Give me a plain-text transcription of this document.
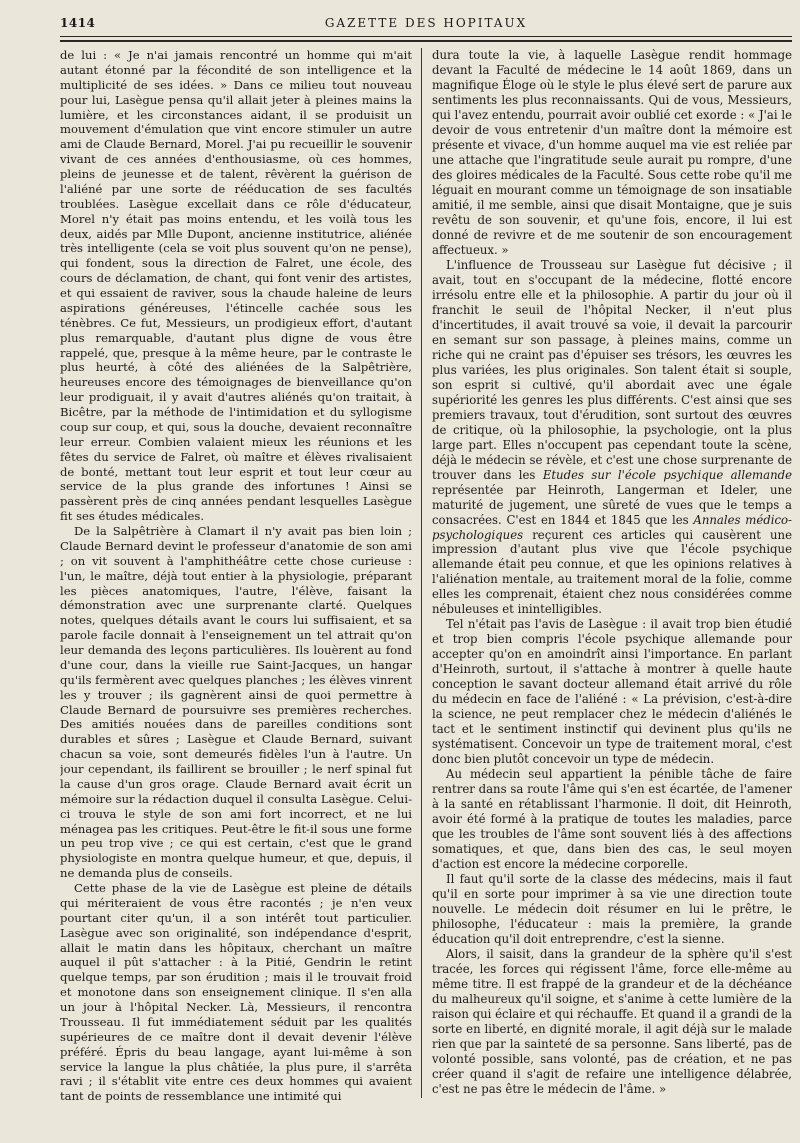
1414	GAZETTE DES HOPITAUX

de lui : « Je n'ai jamais rencontré un homme qui m'ait autant étonné par la fécondité de son intelligence et la multiplicité de ses idées. » Dans ce milieu tout nouveau pour lui, Lasègue pensa qu'il allait jeter à pleines mains la lumière, et les circonstances aidant, il se produisit un mouvement d'émulation que vint encore stimuler un autre ami de Claude Bernard, Morel. J'ai pu recueillir le souvenir vivant de ces années d'enthousiasme, où ces hommes, pleins de jeunesse et de talent, rêvèrent la guérison de l'aliéné par une sorte de rééducation de ses facultés troublées. Lasègue excellait dans ce rôle d'éducateur, Morel n'y était pas moins entendu, et les voilà tous les deux, aidés par Mlle Dupont, ancienne institutrice, aliénée très intelligente (cela se voit plus souvent qu'on ne pense), qui fondent, sous la direction de Falret, une école, des cours de déclamation, de chant, qui font venir des artistes, et qui essaient de raviver, sous la chaude haleine de leurs aspirations généreuses, l'étincelle cachée sous les ténèbres. Ce fut, Messieurs, un prodigieux effort, d'autant plus remarquable, d'autant plus digne de vous être rappelé, que, presque à la même heure, par le contraste le plus heurté, à côté des aliénées de la Salpêtrière, heureuses encore des témoignages de bienveillance qu'on leur prodiguait, il y avait d'autres aliénés qu'on traitait, à Bicêtre, par la méthode de l'intimidation et du syllogisme coup sur coup, et qui, sous la douche, devaient reconnaître leur erreur. Combien valaient mieux les réunions et les fêtes du service de Falret, où maître et élèves rivalisaient de bonté, mettant tout leur esprit et tout leur cœur au service de la plus grande des infortunes ! Ainsi se passèrent près de cinq années pendant lesquelles Lasègue fit ses études médicales.

De la Salpêtrière à Clamart il n'y avait pas bien loin ; Claude Bernard devint le professeur d'anatomie de son ami ; on vit souvent à l'amphithéâtre cette chose curieuse : l'un, le maître, déjà tout entier à la physiologie, préparant les pièces anatomiques, l'autre, l'élève, faisant la démonstration avec une surprenante clarté. Quelques notes, quelques détails avant le cours lui suffisaient, et sa parole facile donnait à l'enseignement un tel attrait qu'on leur demanda des leçons particulières. Ils louèrent au fond d'une cour, dans la vieille rue Saint-Jacques, un hangar qu'ils fermèrent avec quelques planches ; les élèves vinrent les y trouver ; ils gagnèrent ainsi de quoi permettre à Claude Bernard de poursuivre ses premières recherches. Des amitiés nouées dans de pareilles conditions sont durables et sûres ; Lasègue et Claude Bernard, suivant chacun sa voie, sont demeurés fidèles l'un à l'autre. Un jour cependant, ils faillirent se brouiller ; le nerf spinal fut la cause d'un gros orage. Claude Bernard avait écrit un mémoire sur la rédaction duquel il consulta Lasègue. Celui-ci trouva le style de son ami fort incorrect, et ne lui ménagea pas les critiques. Peut-être le fit-il sous une forme un peu trop vive ; ce qui est certain, c'est que le grand physiologiste en montra quelque humeur, et que, depuis, il ne demanda plus de conseils.

Cette phase de la vie de Lasègue est pleine de détails qui mériteraient de vous être racontés ; je n'en veux pourtant citer qu'un, il a son intérêt tout particulier. Lasègue avec son originalité, son indépendance d'esprit, allait le matin dans les hôpitaux, cherchant un maître auquel il pût s'attacher : à la Pitié, Gendrin le retint quelque temps, par son érudition ; mais il le trouvait froid et monotone dans son enseignement clinique. Il s'en alla un jour à l'hôpital Necker. Là, Messieurs, il rencontra Trousseau. Il fut immédiatement séduit par les qualités supérieures de ce maître dont il devait devenir l'élève préféré. Épris du beau langage, ayant lui-même à son service la langue la plus châtiée, la plus pure, il s'arrêta ravi ; il s'établit vite entre ces deux hommes qui avaient tant de points de ressemblance une intimité qui

dura toute la vie, à laquelle Lasègue rendit hommage devant la Faculté de médecine le 14 août 1869, dans un magnifique Éloge où le style le plus élevé sert de parure aux sentiments les plus reconnaissants. Qui de vous, Messieurs, qui l'avez entendu, pourrait avoir oublié cet exorde : « J'ai le devoir de vous entretenir d'un maître dont la mémoire est présente et vivace, d'un homme auquel ma vie est reliée par une attache que l'ingratitude seule aurait pu rompre, d'une des gloires médicales de la Faculté. Sous cette robe qu'il me léguait en mourant comme un témoignage de son insatiable amitié, il me semble, ainsi que disait Montaigne, que je suis revêtu de son souvenir, et qu'une fois, encore, il lui est donné de revivre et de me soutenir de son encouragement affectueux. »

L'influence de Trousseau sur Lasègue fut décisive ; il avait, tout en s'occupant de la médecine, flotté encore irrésolu entre elle et la philosophie. A partir du jour où il franchit le seuil de l'hôpital Necker, il n'eut plus d'incertitudes, il avait trouvé sa voie, il devait la parcourir en semant sur son passage, à pleines mains, comme un riche qui ne craint pas d'épuiser ses trésors, les œuvres les plus variées, les plus originales. Son talent était si souple, son esprit si cultivé, qu'il abordait avec une égale supériorité les genres les plus différents. C'est ainsi que ses premiers travaux, tout d'érudition, sont surtout des œuvres de critique, où la philosophie, la psychologie, ont la plus large part. Elles n'occupent pas cependant toute la scène, déjà le médecin se révèle, et c'est une chose surprenante de trouver dans les Etudes sur l'école psychique allemande représentée par Heinroth, Langerman et Ideler, une maturité de jugement, une sûreté de vues que le temps a consacrées. C'est en 1844 et 1845 que les Annales médico-psychologiques reçurent ces articles qui causèrent une impression d'autant plus vive que l'école psychique allemande était peu connue, et que les opinions relatives à l'aliénation mentale, au traitement moral de la folie, comme elles les comprenait, étaient chez nous considérées comme nébuleuses et inintelligibles.

Tel n'était pas l'avis de Lasègue : il avait trop bien étudié et trop bien compris l'école psychique allemande pour accepter qu'on en amoindrît ainsi l'importance. En parlant d'Heinroth, surtout, il s'attache à montrer à quelle haute conception le savant docteur allemand était arrivé du rôle du médecin en face de l'aliéné : « La prévision, c'est-à-dire la science, ne peut remplacer chez le médecin d'aliénés le tact et le sentiment instinctif qui devinent plus qu'ils ne systématisent. Concevoir un type de traitement moral, c'est donc bien plutôt concevoir un type de médecin.

Au médecin seul appartient la pénible tâche de faire rentrer dans sa route l'âme qui s'en est écartée, de l'amener à la santé en rétablissant l'harmonie. Il doit, dit Heinroth, avoir été formé à la pratique de toutes les maladies, parce que les troubles de l'âme sont souvent liés à des affections somatiques, et que, dans bien des cas, le seul moyen d'action est encore la médecine corporelle.

Il faut qu'il sorte de la classe des médecins, mais il faut qu'il en sorte pour imprimer à sa vie une direction toute nouvelle. Le médecin doit résumer en lui le prêtre, le philosophe, l'éducateur : mais la première, la grande éducation qu'il doit entreprendre, c'est la sienne.

Alors, il saisit, dans la grandeur de la sphère qu'il s'est tracée, les forces qui régissent l'âme, force elle-même au même titre. Il est frappé de la grandeur et de la déchéance du malheureux qu'il soigne, et s'anime à cette lumière de la raison qui éclaire et qui réchauffe. Et quand il a grandi de la sorte en liberté, en dignité morale, il agit déjà sur le malade rien que par la sainteté de sa personne. Sans liberté, pas de volonté possible, sans volonté, pas de création, et ne pas créer quand il s'agit de refaire une intelligence délabrée, c'est ne pas être le médecin de l'âme. »
